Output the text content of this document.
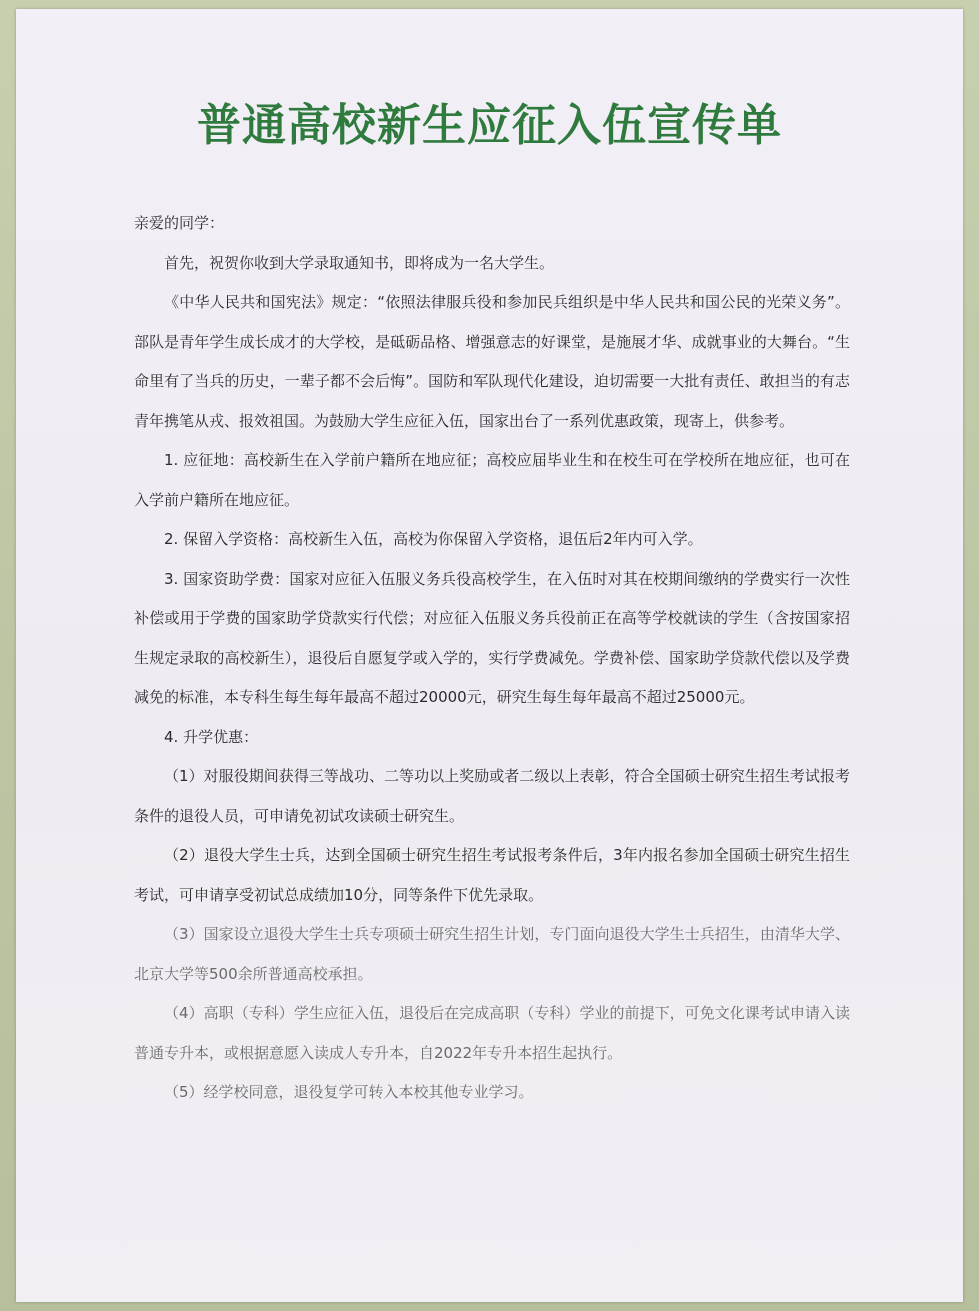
普通高校新生应征入伍宣传单

亲爱的同学：

首先，祝贺你收到大学录取通知书，即将成为一名大学生。

《中华人民共和国宪法》规定：“依照法律服兵役和参加民兵组织是中华人民共和国公民的光荣义务”。部队是青年学生成长成才的大学校，是砥砺品格、增强意志的好课堂，是施展才华、成就事业的大舞台。“生命里有了当兵的历史，一辈子都不会后悔”。国防和军队现代化建设，迫切需要一大批有责任、敢担当的有志青年携笔从戎、报效祖国。为鼓励大学生应征入伍，国家出台了一系列优惠政策，现寄上，供参考。

1. 应征地：高校新生在入学前户籍所在地应征；高校应届毕业生和在校生可在学校所在地应征，也可在入学前户籍所在地应征。

2. 保留入学资格：高校新生入伍，高校为你保留入学资格，退伍后2年内可入学。

3. 国家资助学费：国家对应征入伍服义务兵役高校学生，在入伍时对其在校期间缴纳的学费实行一次性补偿或用于学费的国家助学贷款实行代偿；对应征入伍服义务兵役前正在高等学校就读的学生（含按国家招生规定录取的高校新生），退役后自愿复学或入学的，实行学费减免。学费补偿、国家助学贷款代偿以及学费减免的标准，本专科生每生每年最高不超过20000元，研究生每生每年最高不超过25000元。

4. 升学优惠：

（1）对服役期间获得三等战功、二等功以上奖励或者二级以上表彰，符合全国硕士研究生招生考试报考条件的退役人员，可申请免初试攻读硕士研究生。

（2）退役大学生士兵，达到全国硕士研究生招生考试报考条件后，3年内报名参加全国硕士研究生招生考试，可申请享受初试总成绩加10分，同等条件下优先录取。

（3）国家设立退役大学生士兵专项硕士研究生招生计划，专门面向退役大学生士兵招生，由清华大学、北京大学等500余所普通高校承担。

（4）高职（专科）学生应征入伍，退役后在完成高职（专科）学业的前提下，可免文化课考试申请入读普通专升本，或根据意愿入读成人专升本，自2022年专升本招生起执行。

（5）经学校同意，退役复学可转入本校其他专业学习。
